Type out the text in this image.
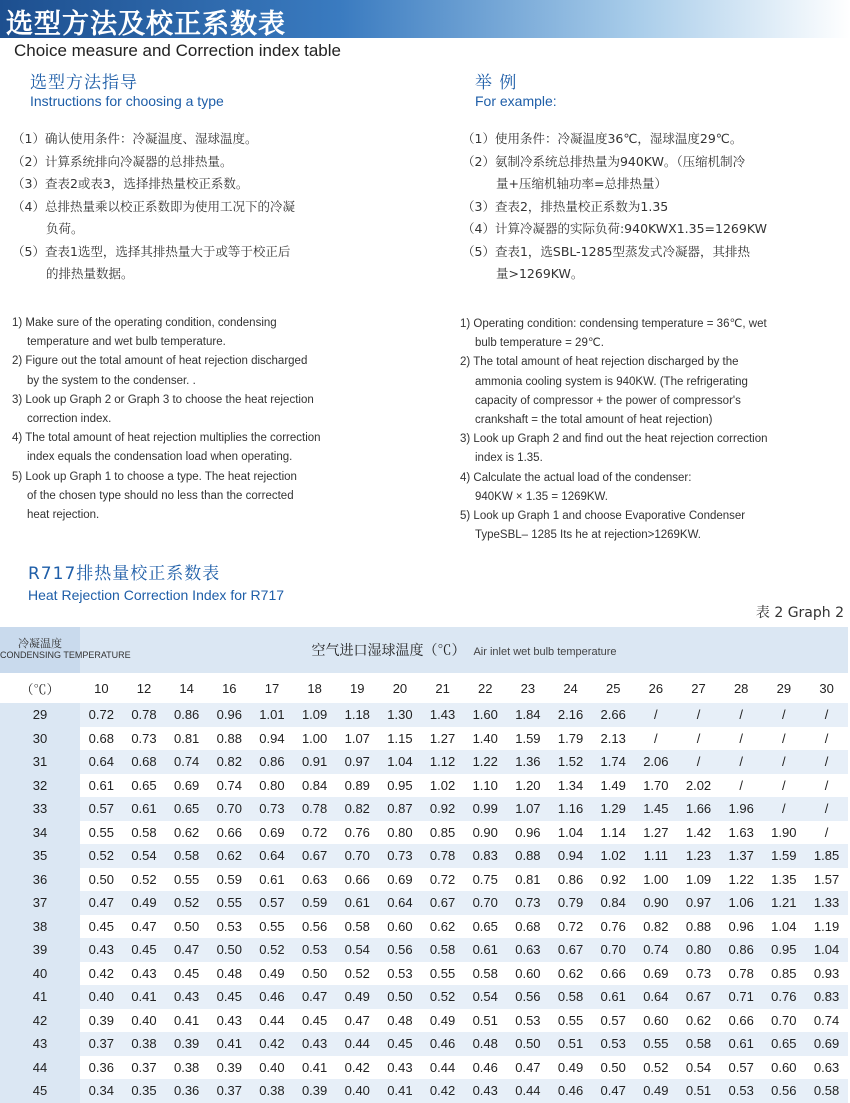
选型方法及校正系数表
Choice measure and Correction index table
选型方法指导
Instructions for choosing a type
（1）确认使用条件：冷凝温度、湿球温度。
（2）计算系统排向冷凝器的总排热量。
（3）查表2或表3，选择排热量校正系数。
（4）总排热量乘以校正系数即为使用工况下的冷凝
负荷。
（5）查表1选型，选择其排热量大于或等于校正后
的排热量数据。
1) Make sure of the operating condition, condensing
temperature and wet bulb temperature.
2) Figure out the total amount of heat rejection discharged
by the system to the condenser. .
3) Look up Graph 2 or Graph 3 to choose the heat rejection
correction index.
4) The total amount of heat rejection multiplies the correction
index equals the condensation load when operating.
5) Look up Graph 1 to choose a type. The heat rejection
of the chosen type should no less than the corrected
heat rejection.
举 例
For example:
（1）使用条件：冷凝温度36℃，湿球温度29℃。
（2）氨制冷系统总排热量为940KW。（压缩机制冷
量+压缩机轴功率=总排热量）
（3）查表2，排热量校正系数为1.35
（4）计算冷凝器的实际负荷:940KWX1.35=1269KW
（5）查表1，选SBL-1285型蒸发式冷凝器，其排热
量>1269KW。
1) Operating condition: condensing temperature = 36℃, wet
bulb temperature = 29℃.
2) The total amount of heat rejection discharged by the
ammonia cooling system is 940KW. (The refrigerating
capacity of compressor + the power of compressor's
crankshaft = the total amount of heat rejection)
3) Look up Graph 2 and find out the heat rejection correction
index is 1.35.
4) Calculate the actual load of the condenser:
940KW × 1.35 = 1269KW.
5) Look up Graph 1 and choose Evaporative Condenser
TypeSBL– 1285 Its he at rejection>1269KW.
R717排热量校正系数表
Heat Rejection Correction Index for R717
表 2 Graph 2
冷凝温度
CONDENSING TEMPERATURE	空气进口湿球温度（℃） Air inlet wet bulb temperature																	
（℃）	10	12	14	16	17	18	19	20	21	22	23	24	25	26	27	28	29	30
29	0.72	0.78	0.86	0.96	1.01	1.09	1.18	1.30	1.43	1.60	1.84	2.16	2.66	/	/	/	/	/
30	0.68	0.73	0.81	0.88	0.94	1.00	1.07	1.15	1.27	1.40	1.59	1.79	2.13	/	/	/	/	/
31	0.64	0.68	0.74	0.82	0.86	0.91	0.97	1.04	1.12	1.22	1.36	1.52	1.74	2.06	/	/	/	/
32	0.61	0.65	0.69	0.74	0.80	0.84	0.89	0.95	1.02	1.10	1.20	1.34	1.49	1.70	2.02	/	/	/
33	0.57	0.61	0.65	0.70	0.73	0.78	0.82	0.87	0.92	0.99	1.07	1.16	1.29	1.45	1.66	1.96	/	/
34	0.55	0.58	0.62	0.66	0.69	0.72	0.76	0.80	0.85	0.90	0.96	1.04	1.14	1.27	1.42	1.63	1.90	/
35	0.52	0.54	0.58	0.62	0.64	0.67	0.70	0.73	0.78	0.83	0.88	0.94	1.02	1.11	1.23	1.37	1.59	1.85
36	0.50	0.52	0.55	0.59	0.61	0.63	0.66	0.69	0.72	0.75	0.81	0.86	0.92	1.00	1.09	1.22	1.35	1.57
37	0.47	0.49	0.52	0.55	0.57	0.59	0.61	0.64	0.67	0.70	0.73	0.79	0.84	0.90	0.97	1.06	1.21	1.33
38	0.45	0.47	0.50	0.53	0.55	0.56	0.58	0.60	0.62	0.65	0.68	0.72	0.76	0.82	0.88	0.96	1.04	1.19
39	0.43	0.45	0.47	0.50	0.52	0.53	0.54	0.56	0.58	0.61	0.63	0.67	0.70	0.74	0.80	0.86	0.95	1.04
40	0.42	0.43	0.45	0.48	0.49	0.50	0.52	0.53	0.55	0.58	0.60	0.62	0.66	0.69	0.73	0.78	0.85	0.93
41	0.40	0.41	0.43	0.45	0.46	0.47	0.49	0.50	0.52	0.54	0.56	0.58	0.61	0.64	0.67	0.71	0.76	0.83
42	0.39	0.40	0.41	0.43	0.44	0.45	0.47	0.48	0.49	0.51	0.53	0.55	0.57	0.60	0.62	0.66	0.70	0.74
43	0.37	0.38	0.39	0.41	0.42	0.43	0.44	0.45	0.46	0.48	0.50	0.51	0.53	0.55	0.58	0.61	0.65	0.69
44	0.36	0.37	0.38	0.39	0.40	0.41	0.42	0.43	0.44	0.46	0.47	0.49	0.50	0.52	0.54	0.57	0.60	0.63
45	0.34	0.35	0.36	0.37	0.38	0.39	0.40	0.41	0.42	0.43	0.44	0.46	0.47	0.49	0.51	0.53	0.56	0.58
